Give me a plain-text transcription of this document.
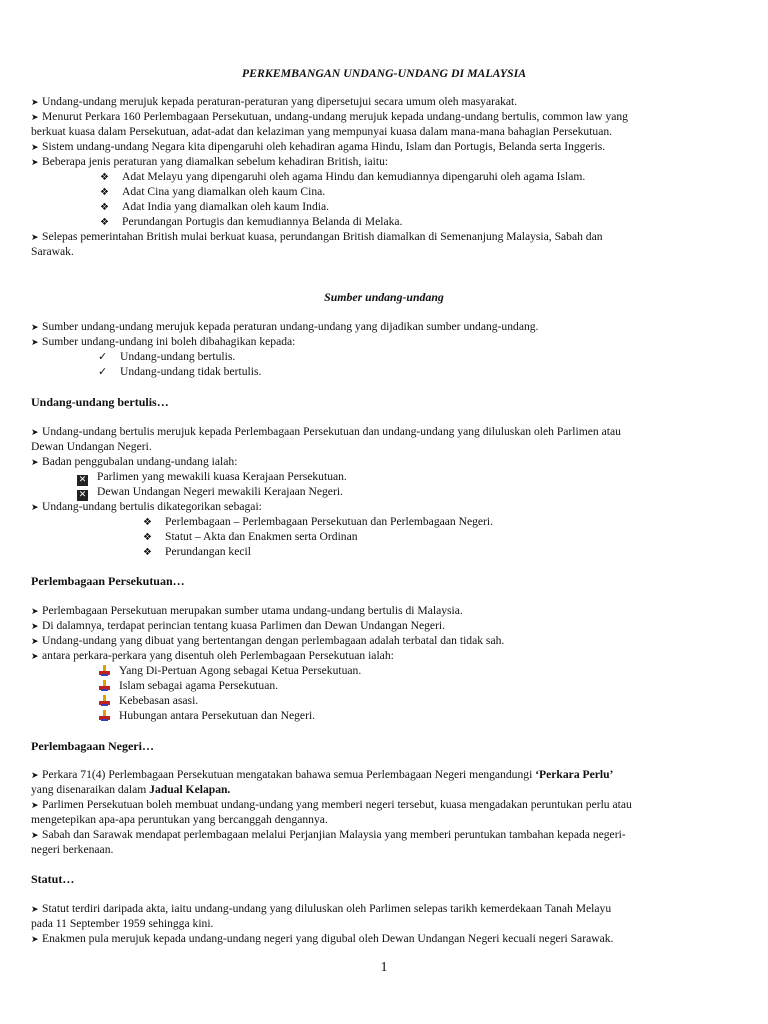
PERKEMBANGAN UNDANG-UNDANG DI MALAYSIA
➤ Undang-undang merujuk kepada peraturan-peraturan yang dipersetujui secara umum oleh masyarakat.
➤ Menurut Perkara 160 Perlembagaan Persekutuan, undang-undang merujuk kepada undang-undang bertulis, common law yang
berkuat kuasa dalam Persekutuan, adat-adat dan kelaziman yang mempunyai kuasa dalam mana-mana bahagian Persekutuan.
➤ Sistem undang-undang Negara kita dipengaruhi oleh kehadiran agama Hindu, Islam dan Portugis, Belanda serta Inggeris.
➤ Beberapa jenis peraturan yang diamalkan sebelum kehadiran British, iaitu:
❖ Adat Melayu yang dipengaruhi oleh agama Hindu dan kemudiannya dipengaruhi oleh agama Islam.
❖ Adat Cina yang diamalkan oleh kaum Cina.
❖ Adat India yang diamalkan oleh kaum India.
❖ Perundangan Portugis dan kemudiannya Belanda di Melaka.
➤ Selepas pemerintahan British mulai berkuat kuasa, perundangan British diamalkan di Semenanjung Malaysia, Sabah dan
Sarawak.
Sumber undang-undang
➤ Sumber undang-undang merujuk kepada peraturan undang-undang yang dijadikan sumber undang-undang.
➤ Sumber undang-undang ini boleh dibahagikan kepada:
✓ Undang-undang bertulis.
✓ Undang-undang tidak bertulis.
Undang-undang bertulis…
➤ Undang-undang bertulis merujuk kepada Perlembagaan Persekutuan dan undang-undang yang diluluskan oleh Parlimen atau
Dewan Undangan Negeri.
➤ Badan penggubalan undang-undang ialah:
✕ Parlimen yang mewakili kuasa Kerajaan Persekutuan.
✕ Dewan Undangan Negeri mewakili Kerajaan Negeri.
➤ Undang-undang bertulis dikategorikan sebagai:
❖ Perlembagaan – Perlembagaan Persekutuan dan Perlembagaan Negeri.
❖ Statut – Akta dan Enakmen serta Ordinan
❖ Perundangan kecil
Perlembagaan Persekutuan…
➤ Perlembagaan Persekutuan merupakan sumber utama undang-undang bertulis di Malaysia.
➤ Di dalamnya, terdapat perincian tentang kuasa Parlimen dan Dewan Undangan Negeri.
➤ Undang-undang yang dibuat yang bertentangan dengan perlembagaan adalah terbatal dan tidak sah.
➤ antara perkara-perkara yang disentuh oleh Perlembagaan Persekutuan ialah:
Yang Di-Pertuan Agong sebagai Ketua Persekutuan.
Islam sebagai agama Persekutuan.
Kebebasan asasi.
Hubungan antara Persekutuan dan Negeri.
Perlembagaan Negeri…
➤ Perkara 71(4) Perlembagaan Persekutuan mengatakan bahawa semua Perlembagaan Negeri mengandungi ‘Perkara Perlu’
yang disenaraikan dalam Jadual Kelapan.
➤ Parlimen Persekutuan boleh membuat undang-undang yang memberi negeri tersebut, kuasa mengadakan peruntukan perlu atau
mengetepikan apa-apa peruntukan yang bercanggah dengannya.
➤ Sabah dan Sarawak mendapat perlembagaan melalui Perjanjian Malaysia yang memberi peruntukan tambahan kepada negeri-
negeri berkenaan.
Statut…
➤ Statut terdiri daripada akta, iaitu undang-undang yang diluluskan oleh Parlimen selepas tarikh kemerdekaan Tanah Melayu
pada 11 September 1959 sehingga kini.
➤ Enakmen pula merujuk kepada undang-undang negeri yang digubal oleh Dewan Undangan Negeri kecuali negeri Sarawak.
1
